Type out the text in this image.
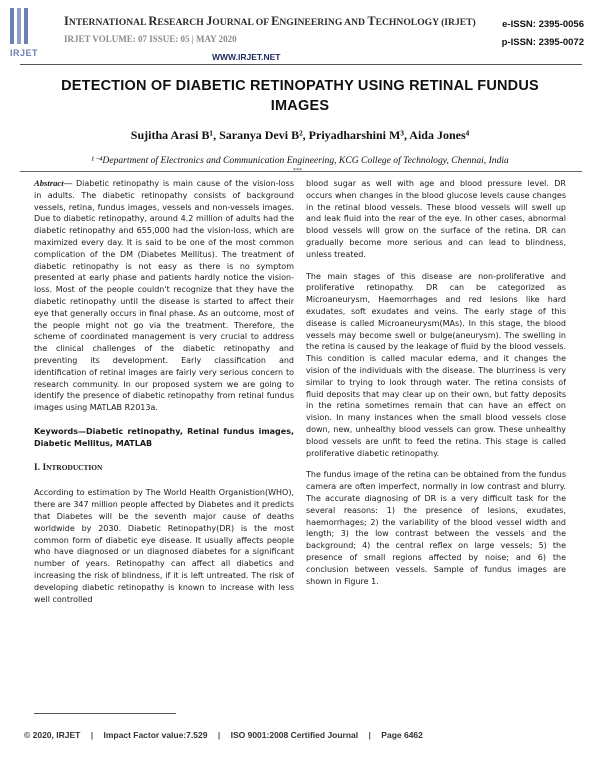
IRJET
INTERNATIONAL RESEARCH JOURNAL OF ENGINEERING AND TECHNOLOGY (IRJET)
IRJET VOLUME: 07 ISSUE: 05 | MAY 2020
WWW.IRJET.NET
e-ISSN: 2395-0056
p-ISSN: 2395-0072
DETECTION OF DIABETIC RETINOPATHY USING RETINAL FUNDUS
IMAGES
Sujitha Arasi B¹, Saranya Devi B², Priyadharshini M³, Aida Jones⁴
¹⁻⁴Department of Electronics and Communication Engineering, KCG College of Technology, Chennai, India
***

Abstract— Diabetic retinopathy is main cause of the vision-loss in adults. The diabetic retinopathy consists of background vessels, retina, fundus images, vessels and non-vessels images. Due to diabetic retinopathy, around 4.2 million of adults had the diabetic retinopathy and 655,000 had the vision-loss, which are maximized every day. It is said to be one of the most common complication of the DM (Diabetes Mellitus). The treatment of diabetic retinopathy is not easy as there is no symptom presented at early phase and patients hardly notice the vision-loss. Most of the people couldn't recognize that they have the diabetic retinopathy until the disease is started to affect their eye that generally occurs in final phase. As an outcome, most of the people might not go via the treatment. Therefore, the scheme of coordinated management is very crucial to address the clinical challenges of the diabetic retinopathy and preventing its development. Early classification and identification of retinal images are fairly very serious concern to research community. In our proposed system we are going to identify the presence of diabetic retinopathy from retinal fundus images using MATLAB R2013a.

Keywords—Diabetic retinopathy, Retinal fundus images, Diabetic Mellitus, MATLAB

I. INTRODUCTION

According to estimation by The World Health Organistion(WHO), there are 347 million people affected by Diabetes and it predicts that Diabetes will be the seventh major cause of deaths worldwide by 2030. Diabetic Retinopathy(DR) is the most common form of diabetic eye disease. It usually affects people who have diagnosed or un diagnosed diabetes for a significant number of years. Retinopathy can affect all diabetics and increasing the risk of blindness, if it is left untreated. The risk of developing diabetic retinopathy is known to increase with less well controlled

blood sugar as well with age and blood pressure level. DR occurs when changes in the blood glucose levels cause changes in the retinal blood vessels. These blood vessels will swell up and leak fluid into the rear of the eye. In other cases, abnormal blood vessels will grow on the surface of the retina. DR can gradually become more serious and can lead to blindness, unless treated.

The main stages of this disease are non-proliferative and proliferative retinopathy. DR can be categorized as Microaneurysm, Haemorrhages and red lesions like hard exudates, soft exudates and veins. The early stage of this disease is called Microaneurysm(MAs). In this stage, the blood vessels may become swell or bulge(aneurysm). The swelling in the retina is caused by the leakage of fluid by the blood vessels. This condition is called macular edema, and it changes the vision of the individuals with the disease. The blurriness is very similar to trying to look through water. The retina consists of fluid deposits that may clear up on their own, but fatty deposits in the retina sometimes remain that can have an effect on vision. In many instances when the small blood vessels close down, new, unhealthy blood vessels can grow. These unhealthy blood vessels are unfit to feed the retina. This stage is called proliferative diabetic retinopathy.

The fundus image of the retina can be obtained from the fundus camera are often imperfect, normally in low contrast and blurry. The accurate diagnosing of DR is a very difficult task for the several reasons: 1) the presence of lesions, exudates, haemorrhages; 2) the variability of the blood vessel width and length; 3) the low contrast between the vessels and the background; 4) the central reflex on large vessels; 5) the presence of small regions affected by noise; and 6) the conclusion between vessels. Sample of fundus images are shown in Figure 1.

© 2020, IRJET | Impact Factor value:7.529 | ISO 9001:2008 Certified Journal | Page 6462
